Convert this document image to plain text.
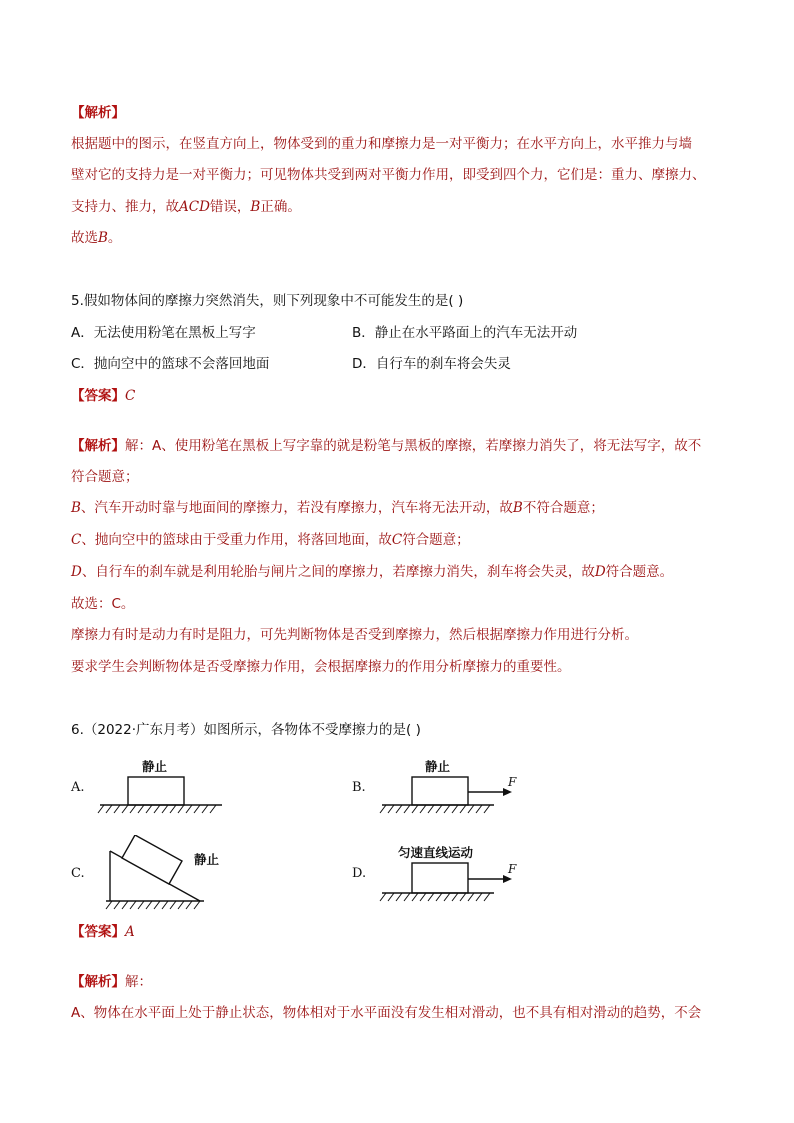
【解析】
根据题中的图示，在竖直方向上，物体受到的重力和摩擦力是一对平衡力；在水平方向上，水平推力与墙
壁对它的支持力是一对平衡力；可见物体共受到两对平衡力作用，即受到四个力，它们是：重力、摩擦力、
支持力、推力，故ACD错误，B正确。
故选B。
5.假如物体间的摩擦力突然消失，则下列现象中不可能发生的是( )
A．无法使用粉笔在黑板上写字	B．静止在水平路面上的汽车无法开动
C．抛向空中的篮球不会落回地面	D．自行车的刹车将会失灵
【答案】C
【解析】解：A、使用粉笔在黑板上写字靠的就是粉笔与黑板的摩擦，若摩擦力消失了，将无法写字，故不
符合题意；
B、汽车开动时靠与地面间的摩擦力，若没有摩擦力，汽车将无法开动，故B不符合题意；
C、抛向空中的篮球由于受重力作用，将落回地面，故C符合题意；
D、自行车的刹车就是利用轮胎与闸片之间的摩擦力，若摩擦力消失，刹车将会失灵，故D符合题意。
故选：C。
摩擦力有时是动力有时是阻力，可先判断物体是否受到摩擦力，然后根据摩擦力作用进行分析。
要求学生会判断物体是否受摩擦力作用，会根据摩擦力的作用分析摩擦力的重要性。
6.（2022·广东月考）如图所示，各物体不受摩擦力的是( )
A.
静止
B.
静止
F
C.
静止
D.
匀速直线运动
F
【答案】A
【解析】解：
A、物体在水平面上处于静止状态，物体相对于水平面没有发生相对滑动，也不具有相对滑动的趋势，不会
